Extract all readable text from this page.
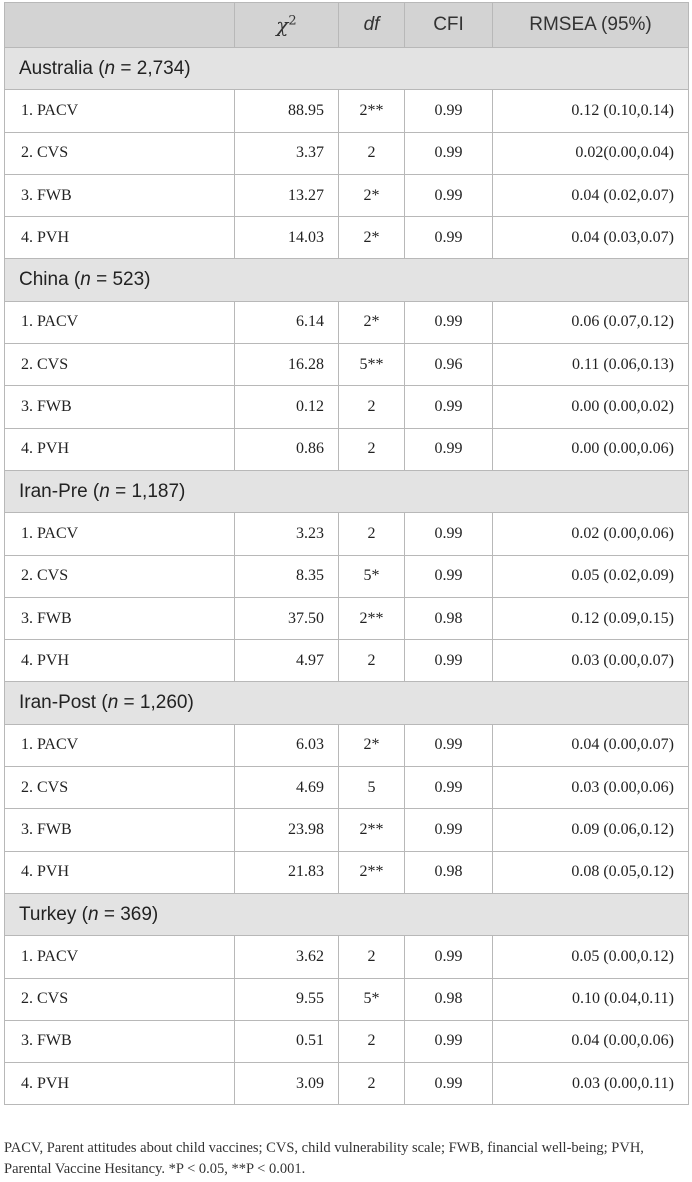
	$\chi^2$	df	CFI	RMSEA (95%)
Australia (n = 2,734)				
1. PACV	88.95	2**	0.99	0.12 (0.10,0.14)
2. CVS	3.37	2	0.99	0.02(0.00,0.04)
3. FWB	13.27	2*	0.99	0.04 (0.02,0.07)
4. PVH	14.03	2*	0.99	0.04 (0.03,0.07)
China (n = 523)				
1. PACV	6.14	2*	0.99	0.06 (0.07,0.12)
2. CVS	16.28	5**	0.96	0.11 (0.06,0.13)
3. FWB	0.12	2	0.99	0.00 (0.00,0.02)
4. PVH	0.86	2	0.99	0.00 (0.00,0.06)
Iran-Pre (n = 1,187)				
1. PACV	3.23	2	0.99	0.02 (0.00,0.06)
2. CVS	8.35	5*	0.99	0.05 (0.02,0.09)
3. FWB	37.50	2**	0.98	0.12 (0.09,0.15)
4. PVH	4.97	2	0.99	0.03 (0.00,0.07)
Iran-Post (n = 1,260)				
1. PACV	6.03	2*	0.99	0.04 (0.00,0.07)
2. CVS	4.69	5	0.99	0.03 (0.00,0.06)
3. FWB	23.98	2**	0.99	0.09 (0.06,0.12)
4. PVH	21.83	2**	0.98	0.08 (0.05,0.12)
Turkey (n = 369)				
1. PACV	3.62	2	0.99	0.05 (0.00,0.12)
2. CVS	9.55	5*	0.98	0.10 (0.04,0.11)
3. FWB	0.51	2	0.99	0.04 (0.00,0.06)
4. PVH	3.09	2	0.99	0.03 (0.00,0.11)
PACV, Parent attitudes about child vaccines; CVS, child vulnerability scale; FWB, financial well-being; PVH, Parental Vaccine Hesitancy. *P < 0.05, **P < 0.001.
